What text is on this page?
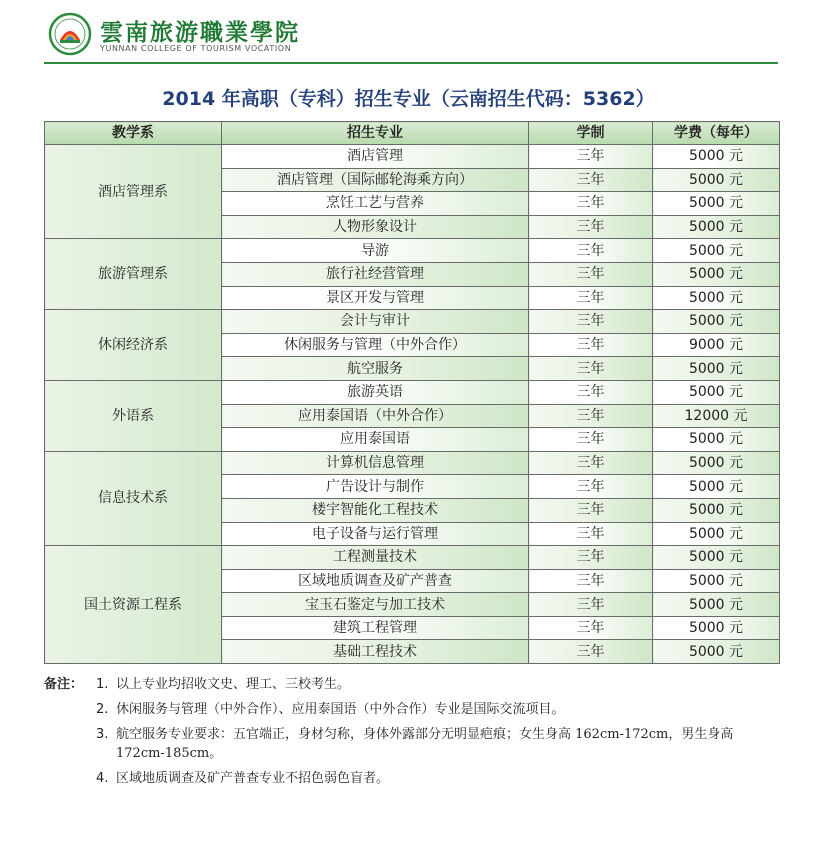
雲南旅游職業學院
YUNNAN COLLEGE OF TOURISM VOCATION
2014 年高职（专科）招生专业（云南招生代码：5362）
教学系	招生专业	学制	学费（每年）
酒店管理系	酒店管理	三年	5000 元
	酒店管理（国际邮轮海乘方向）	三年	5000 元
	烹饪工艺与营养	三年	5000 元
	人物形象设计	三年	5000 元
旅游管理系	导游	三年	5000 元
	旅行社经营管理	三年	5000 元
	景区开发与管理	三年	5000 元
休闲经济系	会计与审计	三年	5000 元
	休闲服务与管理（中外合作）	三年	9000 元
	航空服务	三年	5000 元
外语系	旅游英语	三年	5000 元
	应用泰国语（中外合作）	三年	12000 元
	应用泰国语	三年	5000 元
信息技术系	计算机信息管理	三年	5000 元
	广告设计与制作	三年	5000 元
	楼宇智能化工程技术	三年	5000 元
	电子设备与运行管理	三年	5000 元
国土资源工程系	工程测量技术	三年	5000 元
	区域地质调查及矿产普查	三年	5000 元
	宝玉石鉴定与加工技术	三年	5000 元
	建筑工程管理	三年	5000 元
	基础工程技术	三年	5000 元
备注： 1. 以上专业均招收文史、理工、三校考生。
2. 休闲服务与管理（中外合作）、应用泰国语（中外合作）专业是国际交流项目。
3. 航空服务专业要求：五官端正，身材匀称，身体外露部分无明显疤痕；女生身高 162cm-172cm，男生身高 172cm-185cm。
4. 区域地质调查及矿产普查专业不招色弱色盲者。
